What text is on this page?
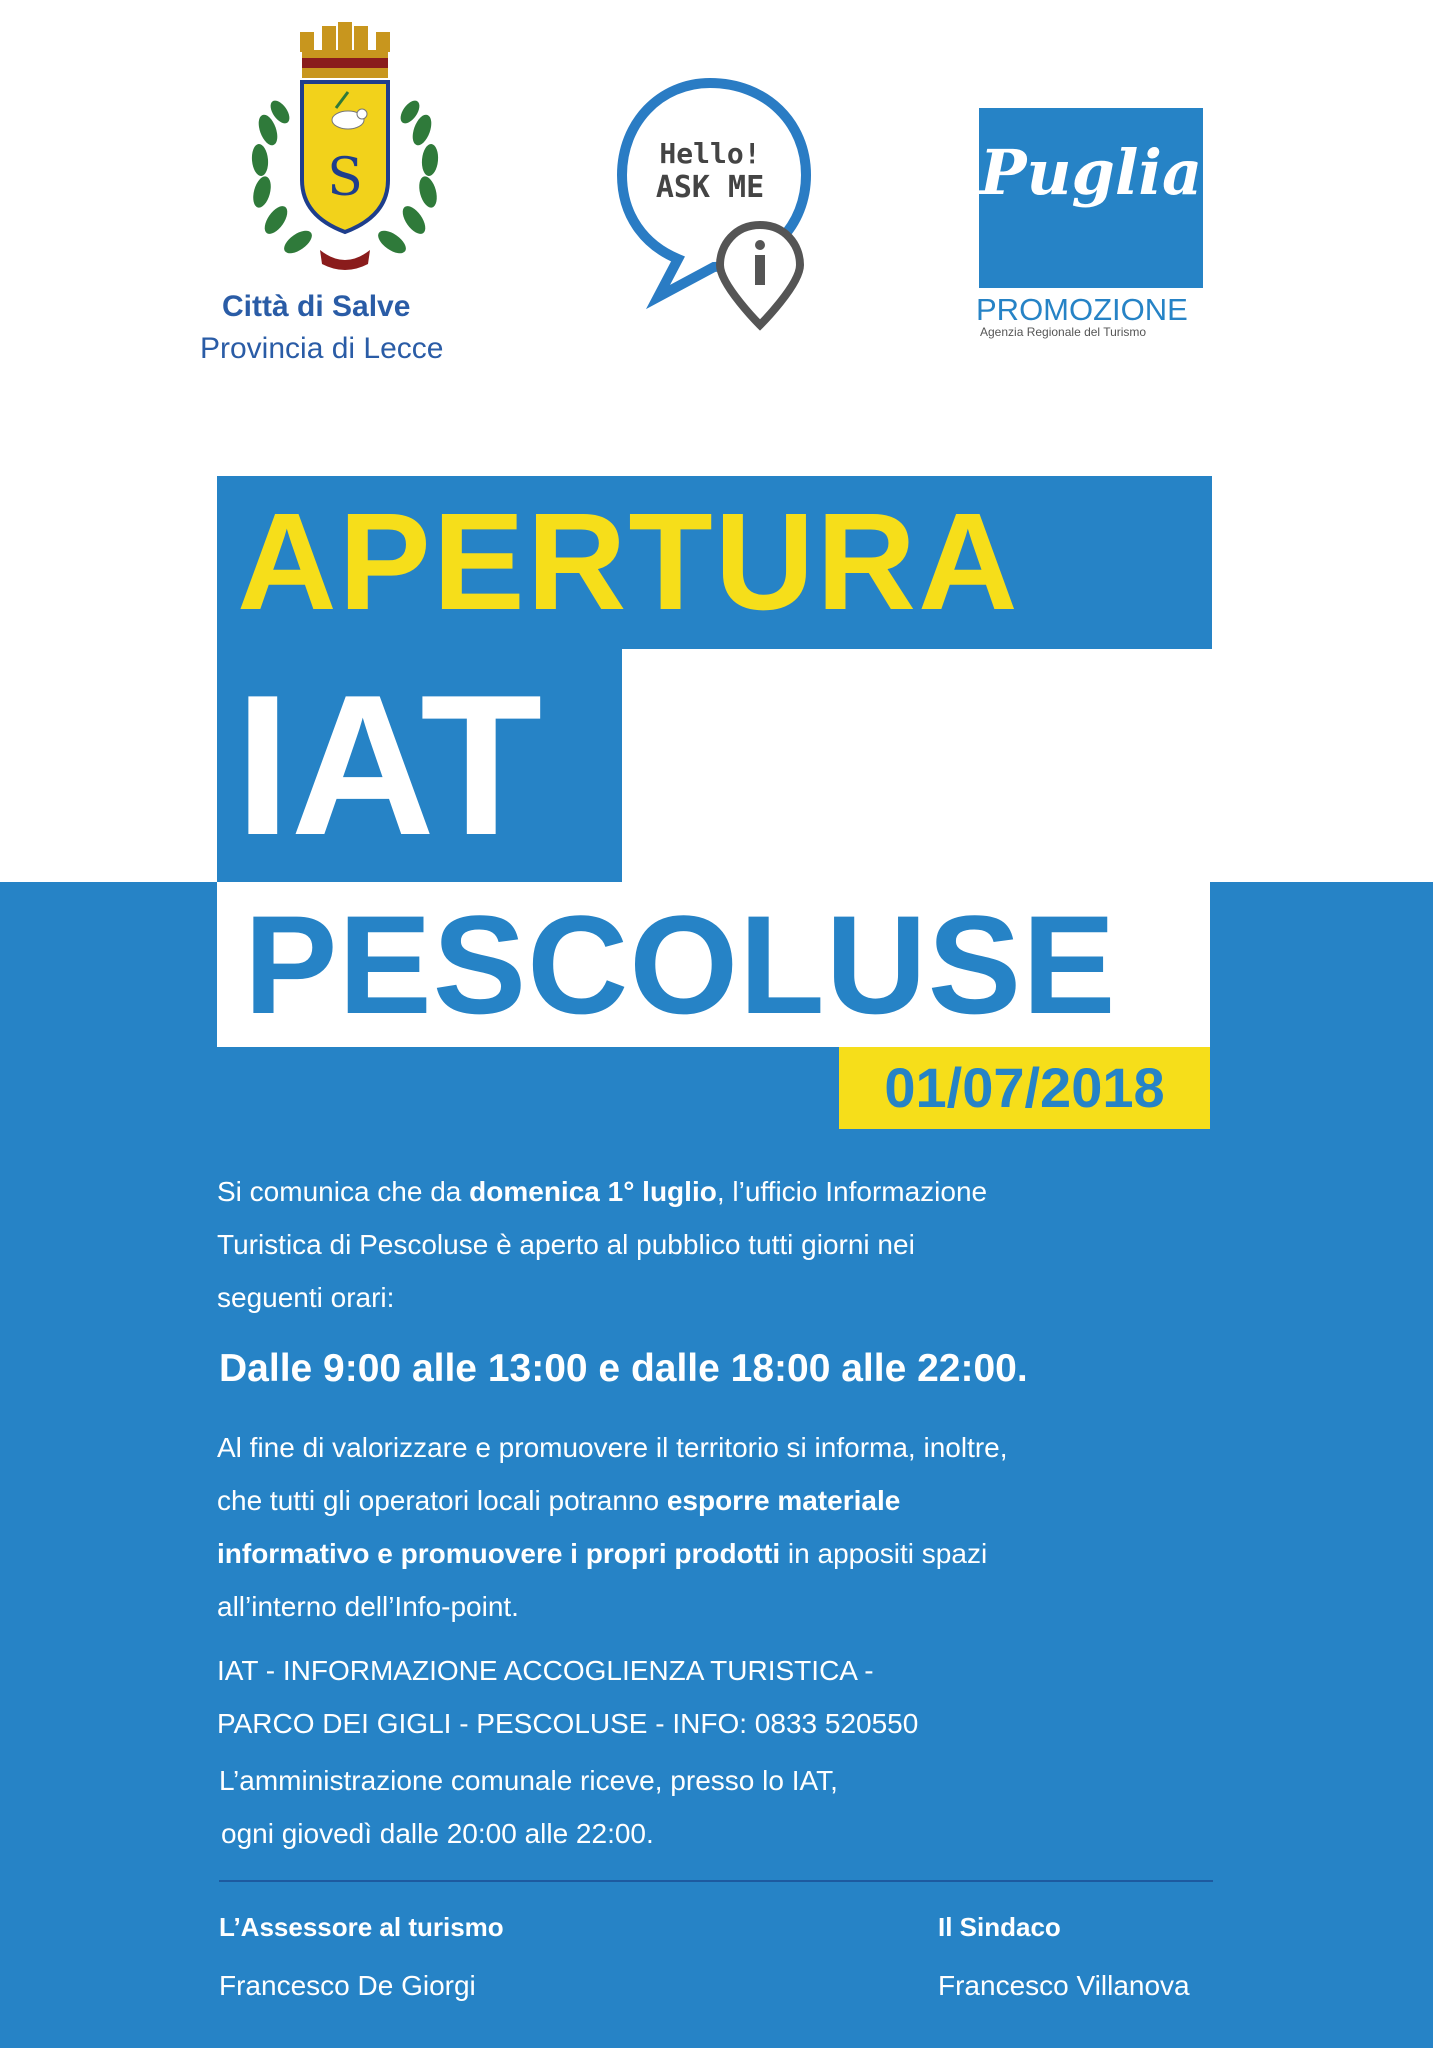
S
Città di Salve
Provincia di Lecce
Hello!
ASK ME	Puglia
PROMOZIONE
Agenzia Regionale del Turismo
APERTURA
IAT
PESCOLUSE
01/07/2018
Si comunica che da domenica 1° luglio, l’ufficio Informazione
Turistica di Pescoluse è aperto al pubblico tutti giorni nei
seguenti orari:
Dalle 9:00 alle 13:00 e dalle 18:00 alle 22:00.
Al fine di valorizzare e promuovere il territorio si informa, inoltre,
che tutti gli operatori locali potranno esporre materiale
informativo e promuovere i propri prodotti in appositi spazi
all’interno dell’Info-point.
IAT - INFORMAZIONE ACCOGLIENZA TURISTICA -
PARCO DEI GIGLI - PESCOLUSE - INFO: 0833 520550
L’amministrazione comunale riceve, presso lo IAT,
ogni giovedì dalle 20:00 alle 22:00.
L’Assessore al turismo
Francesco De Giorgi
Il Sindaco
Francesco Villanova
